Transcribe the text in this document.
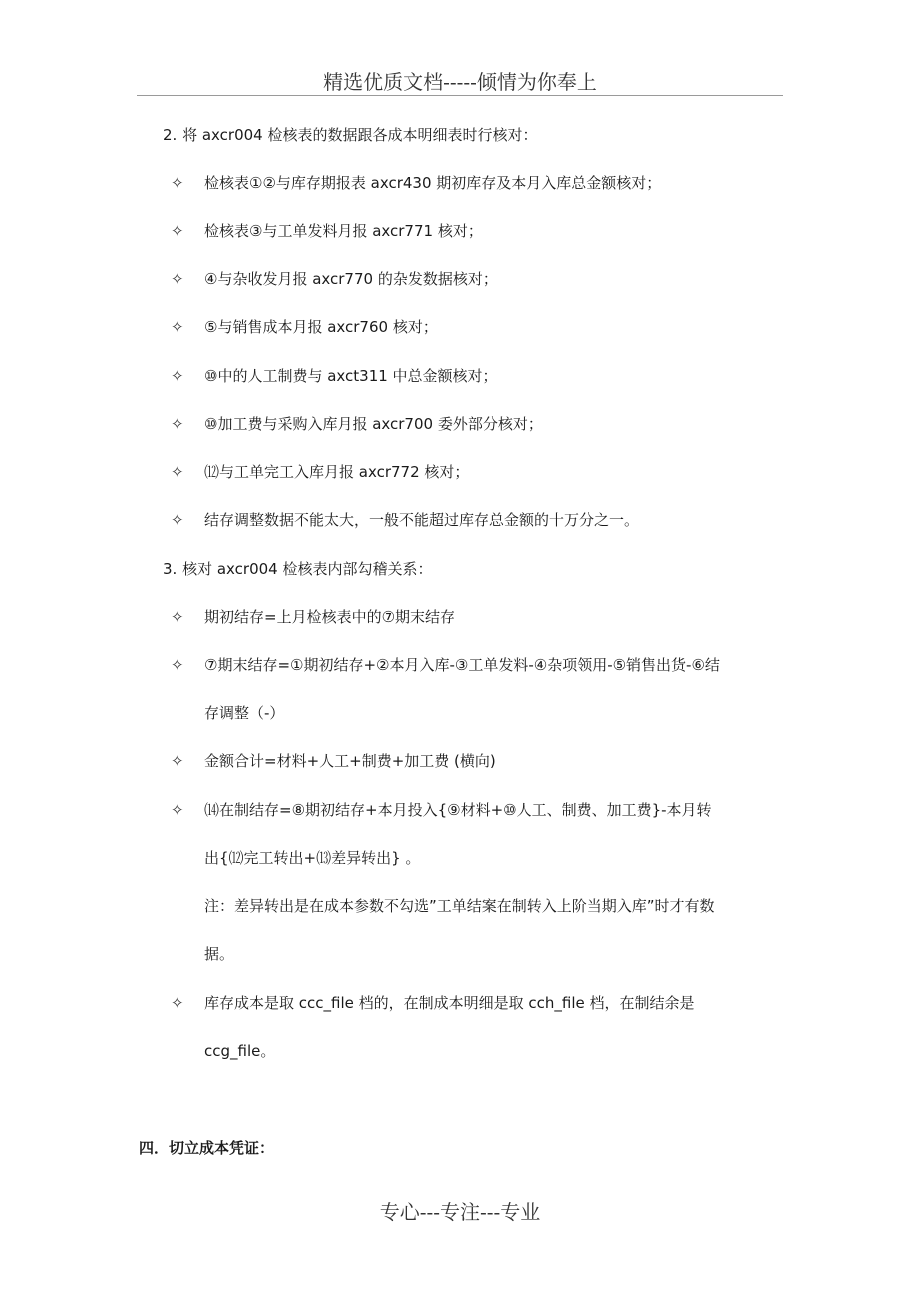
精选优质文档-----倾情为你奉上
2. 将 axcr004 检核表的数据跟各成本明细表时行核对：
✧ 检核表①②与库存期报表 axcr430 期初库存及本月入库总金额核对；
✧ 检核表③与工单发料月报 axcr771 核对；
✧ ④与杂收发月报 axcr770 的杂发数据核对；
✧ ⑤与销售成本月报 axcr760 核对；
✧ ⑩中的人工制费与 axct311 中总金额核对；
✧ ⑩加工费与采购入库月报 axcr700 委外部分核对；
✧ ⑿与工单完工入库月报 axcr772 核对；
✧ 结存调整数据不能太大，一般不能超过库存总金额的十万分之一。
3. 核对 axcr004 检核表内部勾稽关系：
✧ 期初结存=上月检核表中的⑦期末结存
✧ ⑦期末结存=①期初结存+②本月入库-③工单发料-④杂项领用-⑤销售出货-⑥结
存调整（-）
✧ 金额合计=材料+人工+制费+加工费 (横向)
✧ ⒁在制结存=⑧期初结存+本月投入{⑨材料+⑩人工、制费、加工费}-本月转
出{⑿完工转出+⒀差异转出} 。
注：差异转出是在成本参数不勾选”工单结案在制转入上阶当期入库”时才有数
据。
✧ 库存成本是取 ccc_file 档的，在制成本明细是取 cch_file 档，在制结余是
ccg_file。
四．切立成本凭证：
专心---专注---专业
